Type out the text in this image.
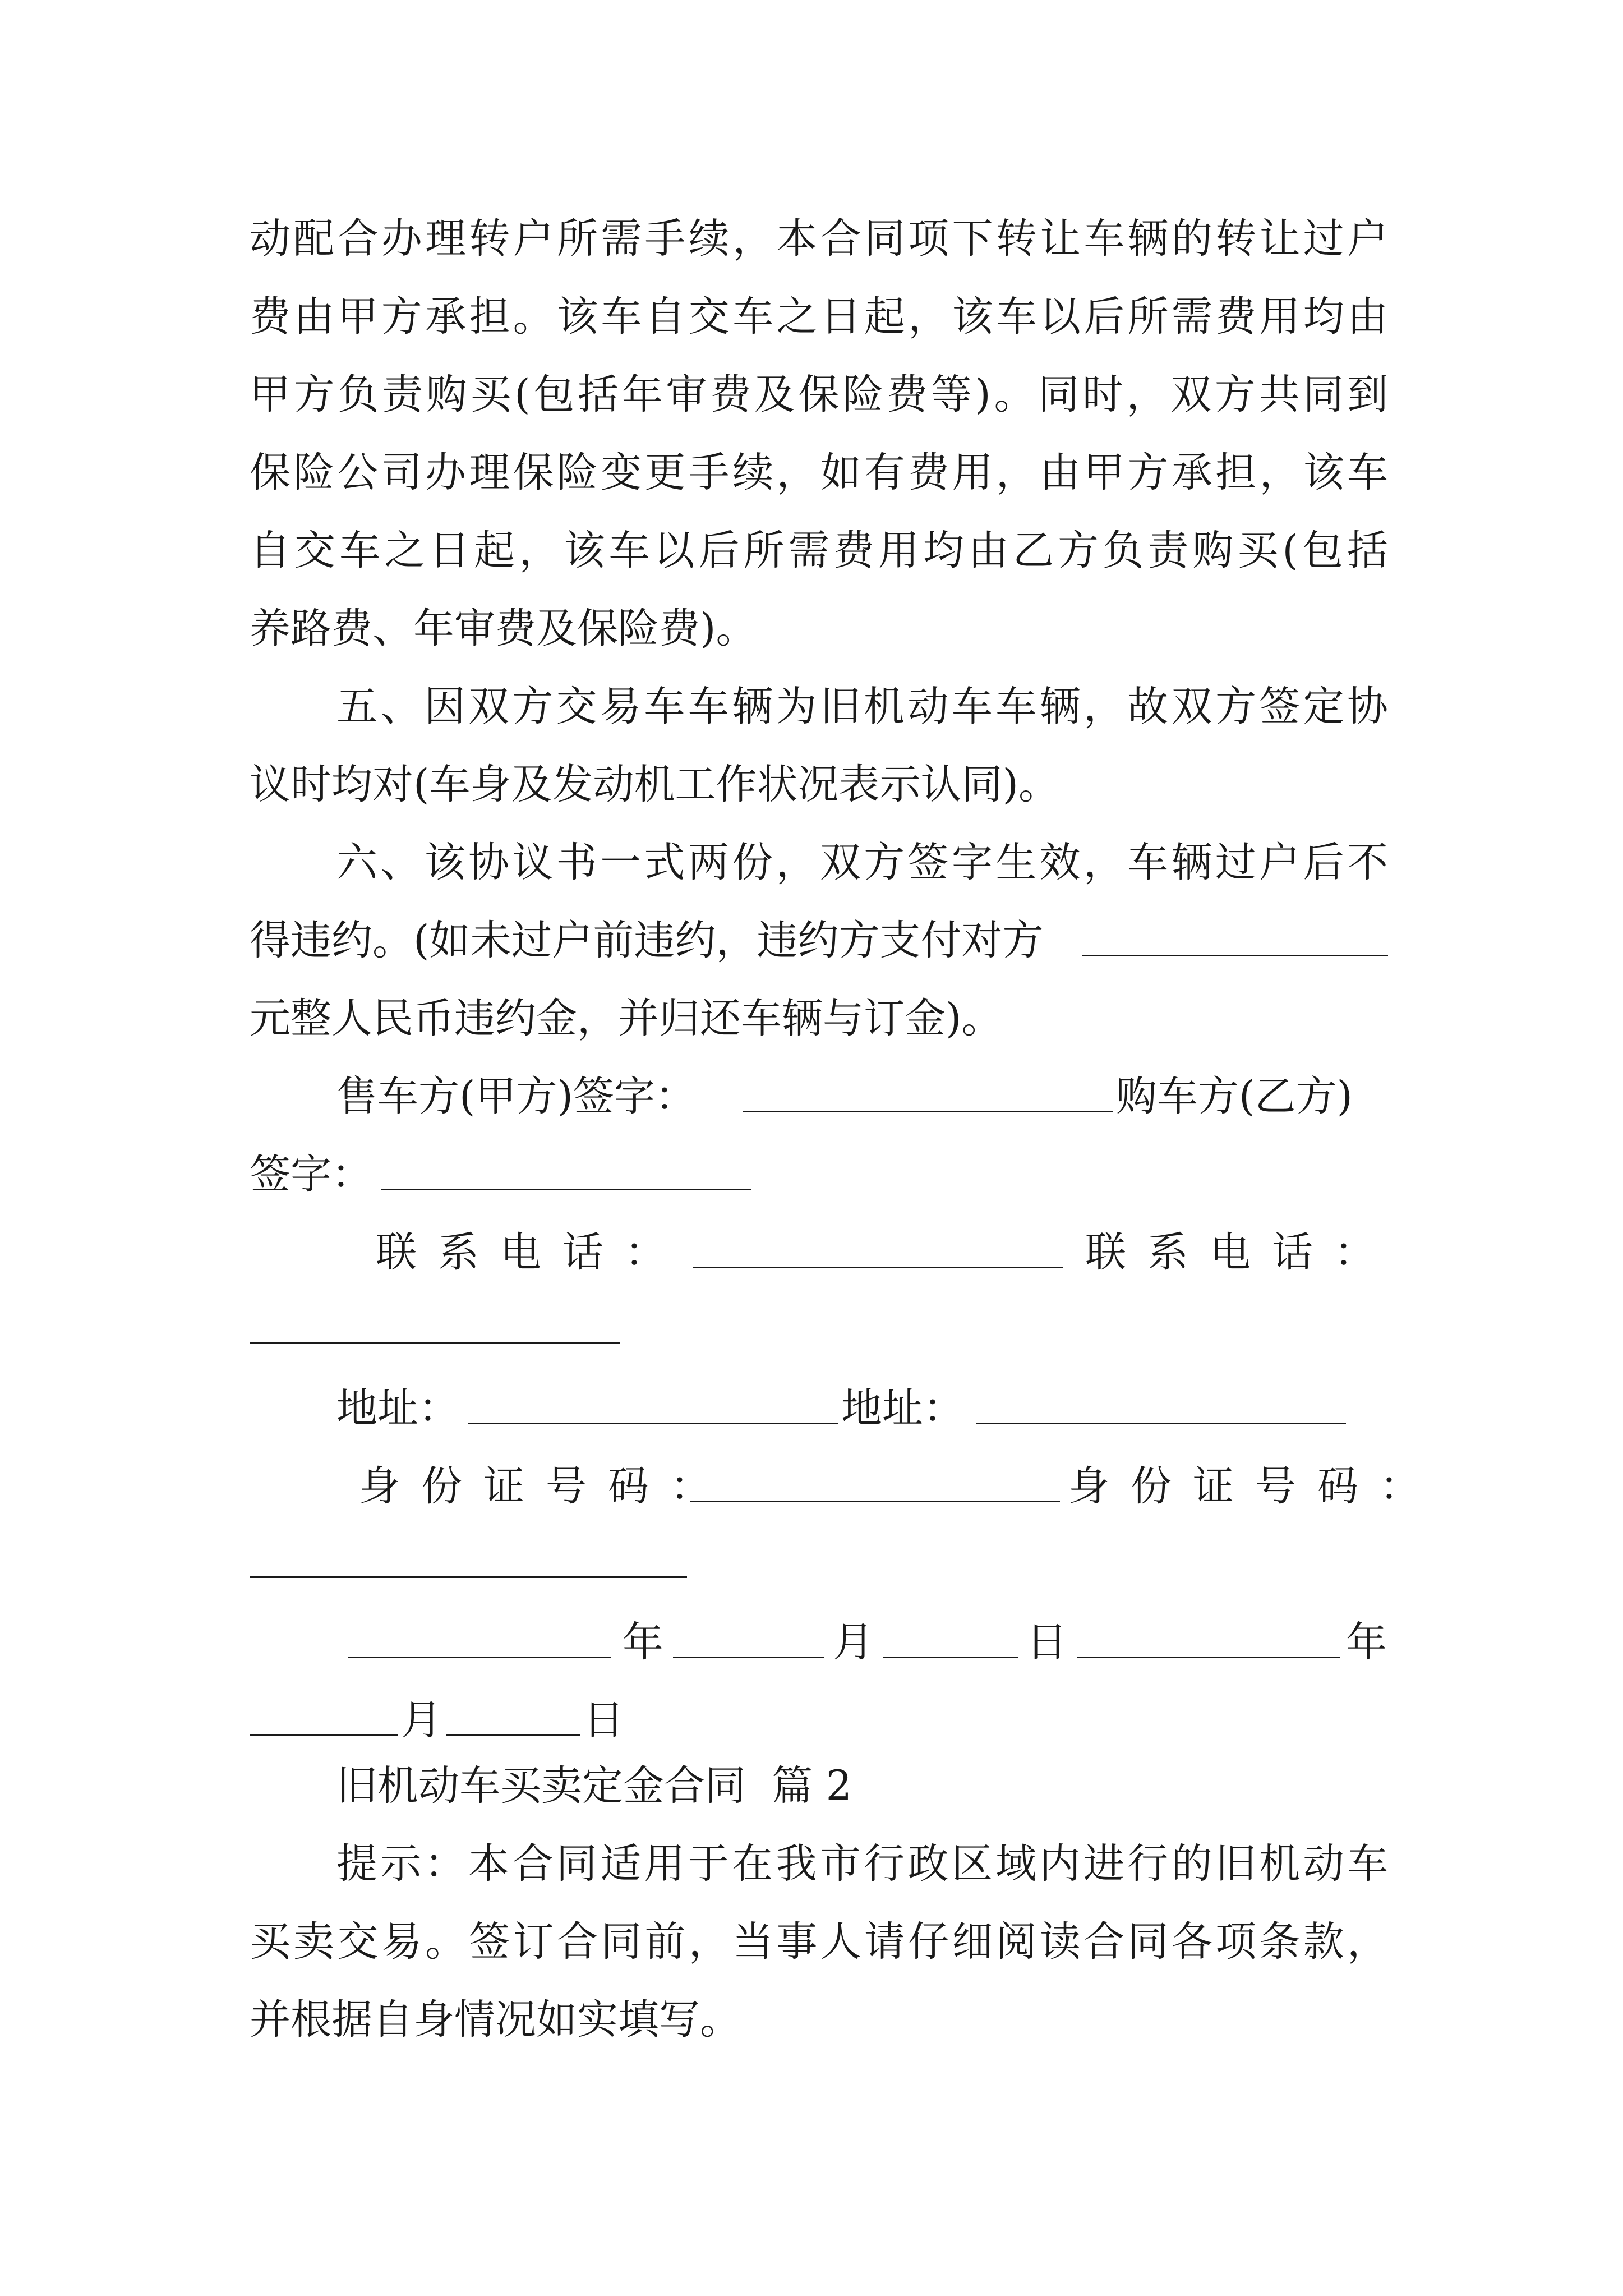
动配合办理转户所需手续，本合同项下转让车辆的转让过户
费由甲方承担。该车自交车之日起，该车以后所需费用均由
甲方负责购买(包括年审费及保险费等)。同时，双方共同到
保险公司办理保险变更手续，如有费用，由甲方承担，该车
自交车之日起，该车以后所需费用均由乙方负责购买(包括
养路费、年审费及保险费)。
五、因双方交易车车辆为旧机动车车辆，故双方签定协
议时均对(车身及发动机工作状况表示认同)。
六、该协议书一式两份，双方签字生效，车辆过户后不
得违约。(如未过户前违约，违约方支付对方
元整人民币违约金，并归还车辆与订金)。
售车方(甲方)签字：	购车方(乙方)
签字：
联系电话：	联系电话：
地址：	地址：
身份证号码：	身份证号码：
年	月	日	年
月	日
旧机动车买卖定金合同  篇 2
提示：本合同适用于在我市行政区域内进行的旧机动车
买卖交易。签订合同前，当事人请仔细阅读合同各项条款，
并根据自身情况如实填写。
